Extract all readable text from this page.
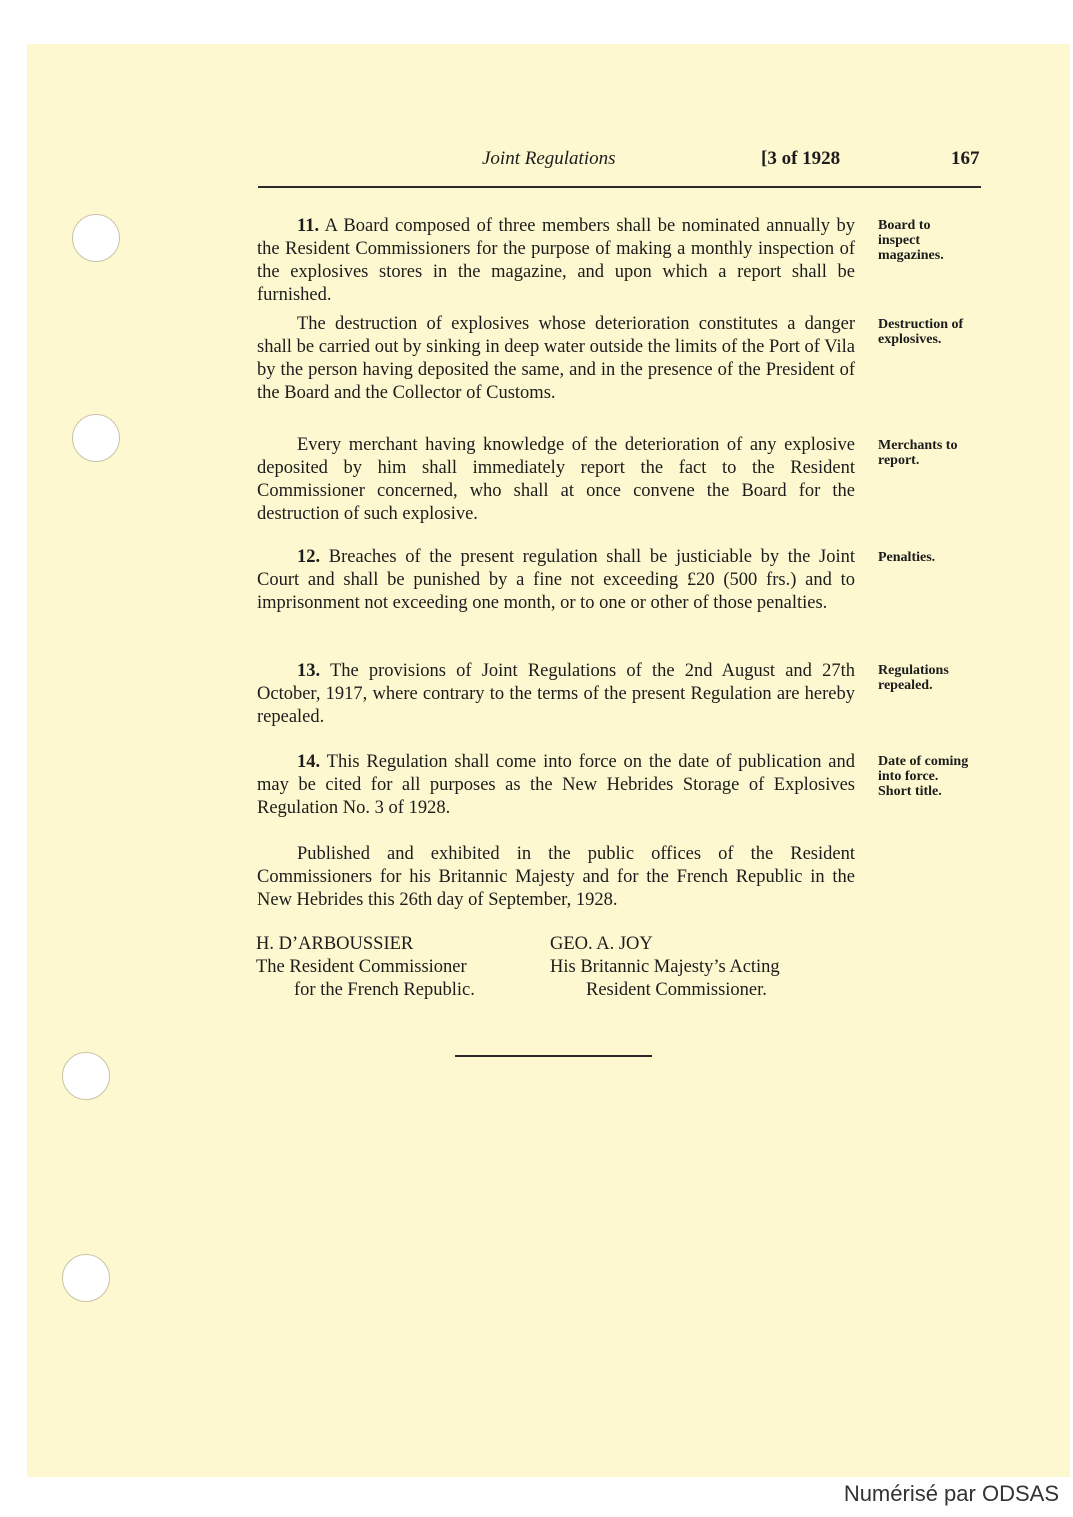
Joint Regulations	[3 of 1928	167

11. A Board composed of three members shall be nominated annually by the Resident Commissioners for the purpose of making a monthly inspection of the explosives stores in the magazine, and upon which a report shall be furnished.

Board to inspect magazines.

The destruction of explosives whose deterioration constitutes a danger shall be carried out by sinking in deep water outside the limits of the Port of Vila by the person having deposited the same, and in the presence of the President of the Board and the Collector of Customs.

Destruction of explosives.

Every merchant having knowledge of the deterioration of any explosive deposited by him shall immediately report the fact to the Resident Commissioner concerned, who shall at once convene the Board for the destruction of such explosive.

Merchants to report.

12. Breaches of the present regulation shall be justiciable by the Joint Court and shall be punished by a fine not exceeding £20 (500 frs.) and to imprisonment not exceeding one month, or to one or other of those penalties.

Penalties.

13. The provisions of Joint Regulations of the 2nd August and 27th October, 1917, where contrary to the terms of the present Regulation are hereby repealed.

Regulations repealed.

14. This Regulation shall come into force on the date of publication and may be cited for all purposes as the New Hebrides Storage of Explosives Regulation No. 3 of 1928.

Date of coming into force. Short title.

Published and exhibited in the public offices of the Resident Commissioners for his Britannic Majesty and for the French Republic in the New Hebrides this 26th day of September, 1928.

H. D’ARBOUSSIER
The Resident Commissioner
for the French Republic.
GEO. A. JOY
His Britannic Majesty’s Acting
Resident Commissioner.
Numérisé par ODSAS
